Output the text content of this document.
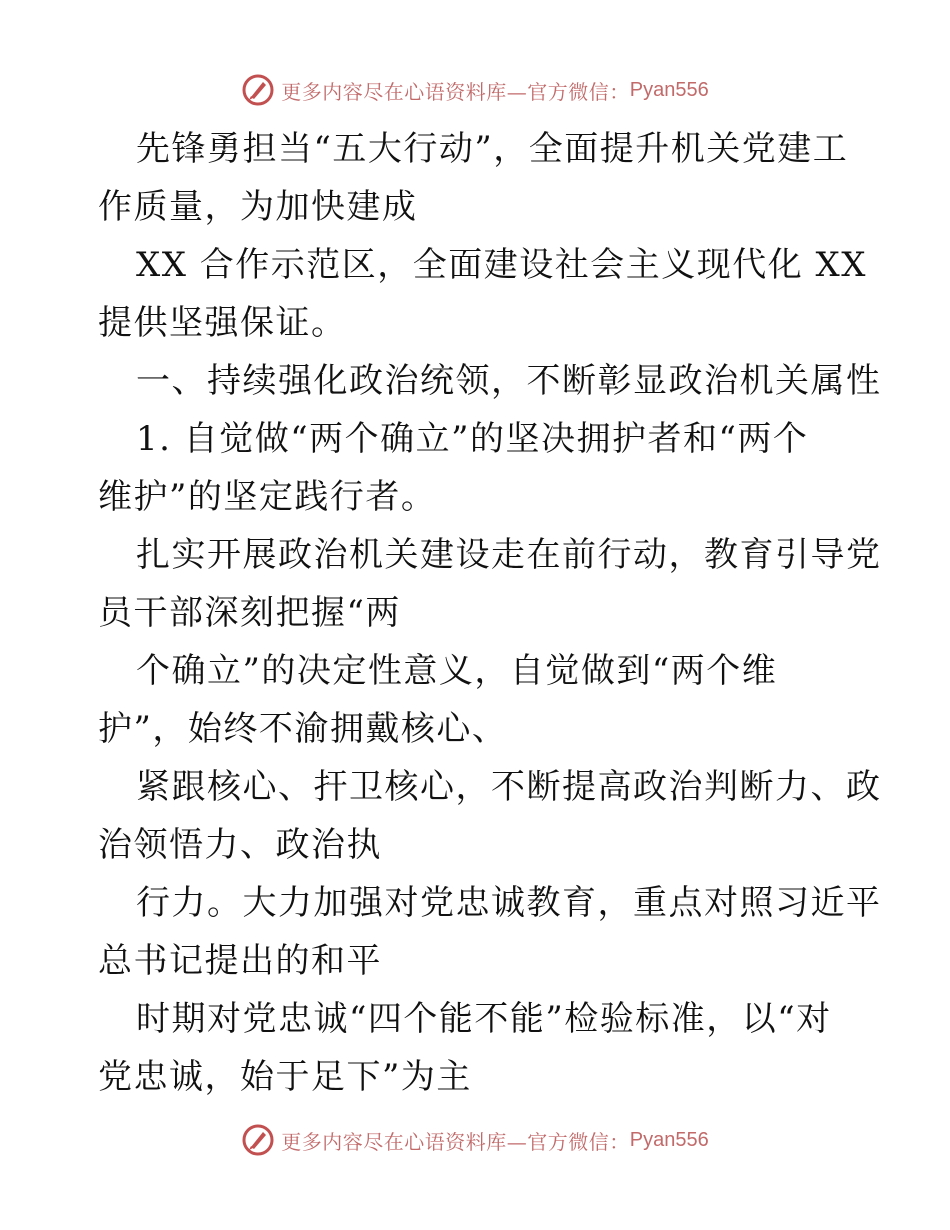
更多内容尽在心语资料库—官方微信： Pyan556
先锋勇担当“五大行动”，全面提升机关党建工
作质量，为加快建成
XX 合作示范区，全面建设社会主义现代化 XX
提供坚强保证。
一、持续强化政治统领，不断彰显政治机关属性
1. 自觉做“两个确立”的坚决拥护者和“两个
维护”的坚定践行者。
扎实开展政治机关建设走在前行动，教育引导党
员干部深刻把握“两
个确立”的决定性意义，自觉做到“两个维
护”，始终不渝拥戴核心、
紧跟核心、扞卫核心，不断提高政治判断力、政
治领悟力、政治执
行力。大力加强对党忠诚教育，重点对照习近平
总书记提出的和平
时期对党忠诚“四个能不能”检验标准，以“对
党忠诚，始于足下”为主
更多内容尽在心语资料库—官方微信： Pyan556
